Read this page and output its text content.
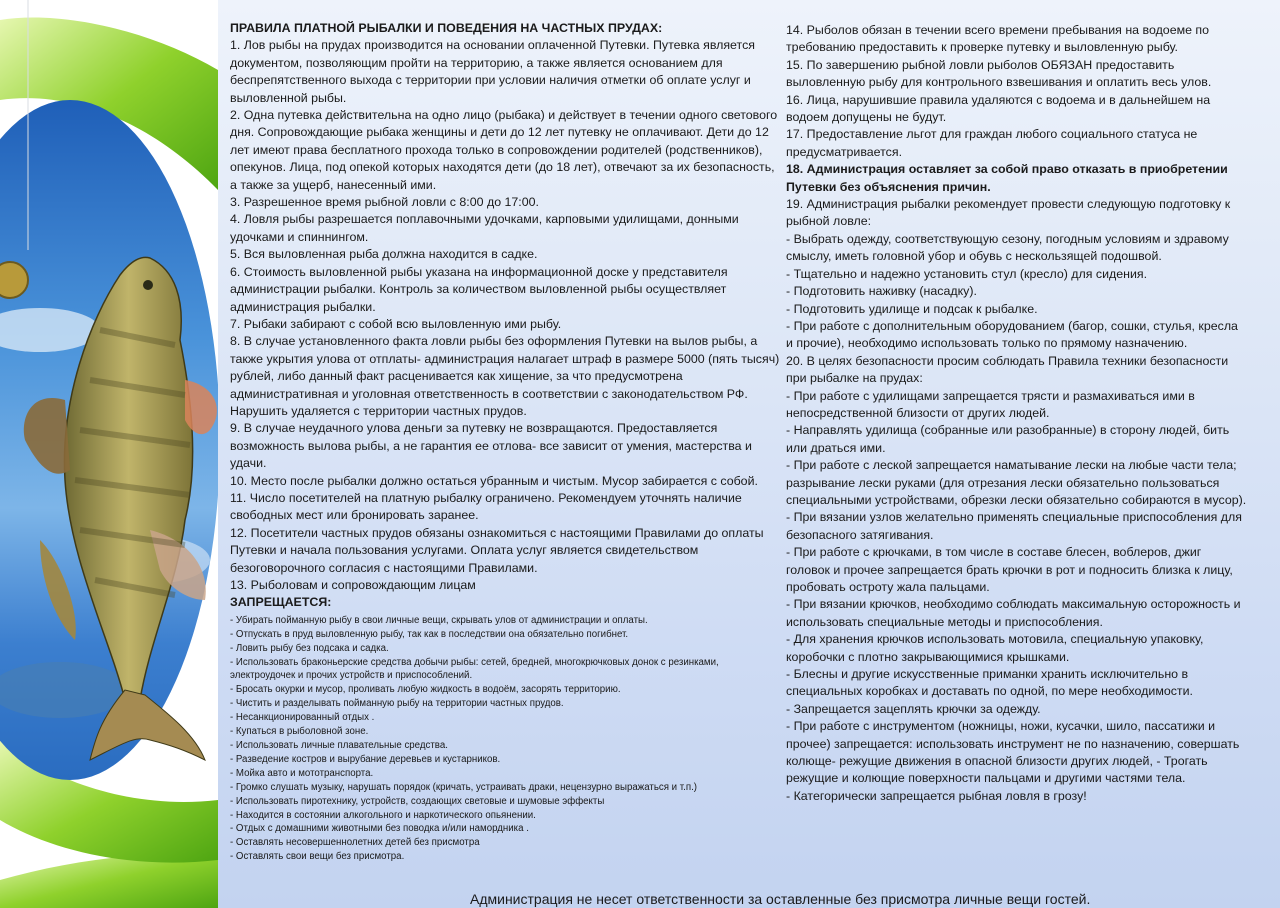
ПРАВИЛА ПЛАТНОЙ РЫБАЛКИ И ПОВЕДЕНИЯ НА ЧАСТНЫХ ПРУДАХ:

1. Лов рыбы на прудах производится на основании оплаченной Путевки. Путевка является документом, позволяющим пройти на территорию, а также является основанием для беспрепятственного выхода с территории при условии наличия отметки об оплате услуг и выловленной рыбы.

2. Одна путевка действительна на одно лицо (рыбака) и действует в течении одного светового дня. Сопровождающие рыбака женщины и дети до 12 лет путевку не оплачивают. Дети до 12 лет имеют права бесплатного прохода только в сопровождении родителей (родственников), опекунов. Лица, под опекой которых находятся дети (до 18 лет), отвечают за их безопасность, а также за ущерб, нанесенный ими.

3. Разрешенное время рыбной ловли с 8:00 до 17:00.

4. Ловля рыбы разрешается поплавочными удочками, карповыми удилищами, донными удочками и спиннингом.

5. Вся выловленная рыба должна находится в садке.

6. Стоимость выловленной рыбы указана на информационной доске у представителя администрации рыбалки. Контроль за количеством выловленной рыбы осуществляет администрация рыбалки.

7. Рыбаки забирают с собой всю выловленную ими рыбу.

8. В случае установленного факта ловли рыбы без оформления Путевки на вылов рыбы, а также укрытия улова от отплаты- администрация налагает штраф в размере 5000 (пять тысяч) рублей, либо данный факт расценивается как хищение, за что предусмотрена административная и уголовная ответственность в соответствии с законодательством РФ. Нарушить удаляется с территории частных прудов.

9. В случае неудачного улова деньги за путевку не возвращаются. Предоставляется возможность вылова рыбы, а не гарантия ее отлова- все зависит от умения, мастерства и удачи.

10. Место после рыбалки должно остаться убранным и чистым. Мусор забирается с собой.

11. Число посетителей на платную рыбалку ограничено. Рекомендуем уточнять наличие свободных мест или бронировать заранее.

12. Посетители частных прудов обязаны ознакомиться с настоящими Правилами до оплаты Путевки и начала пользования услугами. Оплата услуг является свидетельством безоговорочного согласия с настоящими Правилами.

13. Рыболовам и сопровождающим лицам

ЗАПРЕЩАЕТСЯ:

- Убирать пойманную рыбу в свои личные вещи, скрывать улов от администрации и оплаты.
- Отпускать в пруд выловленную рыбу, так как в последствии она обязательно погибнет.
- Ловить рыбу без подсака и садка.
- Использовать браконьерские средства добычи рыбы: сетей, бредней, многокрючковых донок с резинками, электроудочек и прочих устройств и приспособлений.
- Бросать окурки и мусор, проливать любую жидкость в водоём, засорять территорию.
- Чистить и разделывать пойманную рыбу на территории частных прудов.
- Несанкционированный отдых .
- Купаться в рыболовной зоне.
- Использовать личные плавательные средства.
- Разведение костров и вырубание деревьев и кустарников.
- Мойка авто и мототранспорта.
- Громко слушать музыку, нарушать порядок (кричать, устраивать драки, нецензурно выражаться и т.п.)
- Использовать пиротехнику, устройств, создающих световые и шумовые эффекты
- Находится в состоянии алкогольного и наркотического опьянении.
- Отдых с домашними животными без поводка и/или намордника .
- Оставлять несовершеннолетних детей без присмотра
- Оставлять свои вещи без присмотра.

14. Рыболов обязан в течении всего времени пребывания на водоеме по требованию предоставить к проверке путевку и выловленную рыбу.

15. По завершению рыбной ловли рыболов ОБЯЗАН предоставить выловленную рыбу для контрольного взвешивания и оплатить весь улов.

16. Лица, нарушившие правила удаляются с водоема и в дальнейшем на водоем допущены не будут.

17. Предоставление льгот для граждан любого социального статуса не предусматривается.

18. Администрация оставляет за собой право отказать в приобретении Путевки без объяснения причин.

19. Администрация рыбалки рекомендует провести следующую подготовку к рыбной ловле:

- Выбрать одежду, соответствующую сезону, погодным условиям и здравому смыслу, иметь головной убор и обувь с нескользящей подошвой.

- Тщательно и надежно установить стул (кресло) для сидения.

- Подготовить наживку (насадку).

- Подготовить удилище и подсак к рыбалке.

- При работе с дополнительным оборудованием (багор, сошки, стулья, кресла и прочие), необходимо использовать только по прямому назначению.

20. В целях безопасности просим соблюдать Правила техники безопасности при рыбалке на прудах:

- При работе с удилищами запрещается трясти и размахиваться ими в непосредственной близости от других людей.

- Направлять удилища (собранные или разобранные) в сторону людей, бить или драться ими.

- При работе с леской запрещается наматывание лески на любые части тела; разрывание лески руками (для отрезания лески обязательно пользоваться специальными устройствами, обрезки лески обязательно собираются в мусор).

- При вязании узлов желательно применять специальные приспособления для безопасного затягивания.

- При работе с крючками, в том числе в составе блесен, воблеров, джиг головок и прочее запрещается брать крючки в рот и подносить близка к лицу, пробовать остроту жала пальцами.

- При вязании крючков, необходимо соблюдать максимальную осторожность и использовать специальные методы и приспособления.

- Для хранения крючков использовать мотовила, специальную упаковку, коробочки с плотно закрывающимися крышками.

- Блесны и другие искусственные приманки хранить исключительно в специальных коробках и доставать по одной, по мере необходимости.

- Запрещается зацеплять крючки за одежду.

- При работе с инструментом (ножницы, ножи, кусачки, шило, пассатижи и прочее) запрещается: использовать инструмент не по назначению, совершать колюще- режущие движения в опасной близости других людей, - Трогать режущие и колющие поверхности пальцами и другими частями тела.

- Категорически запрещается рыбная ловля в грозу!

Администрация не несет ответственности за оставленные без присмотра личные вещи гостей.
